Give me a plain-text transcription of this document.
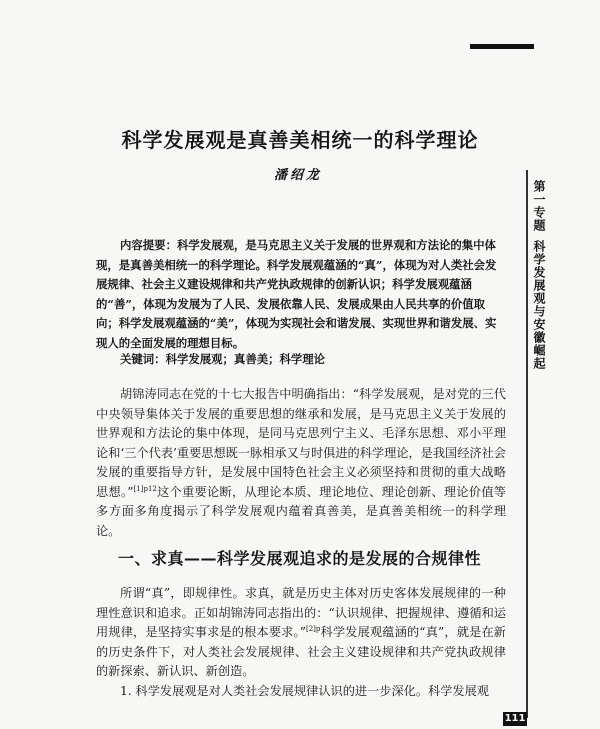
第一专题科学发展观与安徽崛起
科学发展观是真善美相统一的科学理论
潘绍龙

内容提要：科学发展观，是马克思主义关于发展的世界观和方法论的集中体现，是真善美相统一的科学理论。科学发展观蕴涵的“真”，体现为对人类社会发展规律、社会主义建设规律和共产党执政规律的创新认识；科学发展观蕴涵的“善”，体现为发展为了人民、发展依靠人民、发展成果由人民共享的价值取向；科学发展观蕴涵的“美”，体现为实现社会和谐发展、实现世界和谐发展、实现人的全面发展的理想目标。

关键词：科学发展观；真善美；科学理论

胡锦涛同志在党的十七大报告中明确指出：“科学发展观，是对党的三代中央领导集体关于发展的重要思想的继承和发展，是马克思主义关于发展的世界观和方法论的集中体现，是同马克思列宁主义、毛泽东思想、邓小平理论和‘三个代表’重要思想既一脉相承又与时俱进的科学理论，是我国经济社会发展的重要指导方针，是发展中国特色社会主义必须坚持和贯彻的重大战略思想。”$^{[1]p12}$这个重要论断，从理论本质、理论地位、理论创新、理论价值等多方面多角度揭示了科学发展观内蕴着真善美，是真善美相统一的科学理论。

一、求真——科学发展观追求的是发展的合规律性

所谓“真”，即规律性。求真，就是历史主体对历史客体发展规律的一种理性意识和追求。正如胡锦涛同志指出的：“认识规律、把握规律、遵循和运用规律，是坚持实事求是的根本要求。”$^{[2]p}$科学发展观蕴涵的“真”，就是在新的历史条件下，对人类社会发展规律、社会主义建设规律和共产党执政规律的新探索、新认识、新创造。

1. 科学发展观是对人类社会发展规律认识的进一步深化。科学发展观

111
